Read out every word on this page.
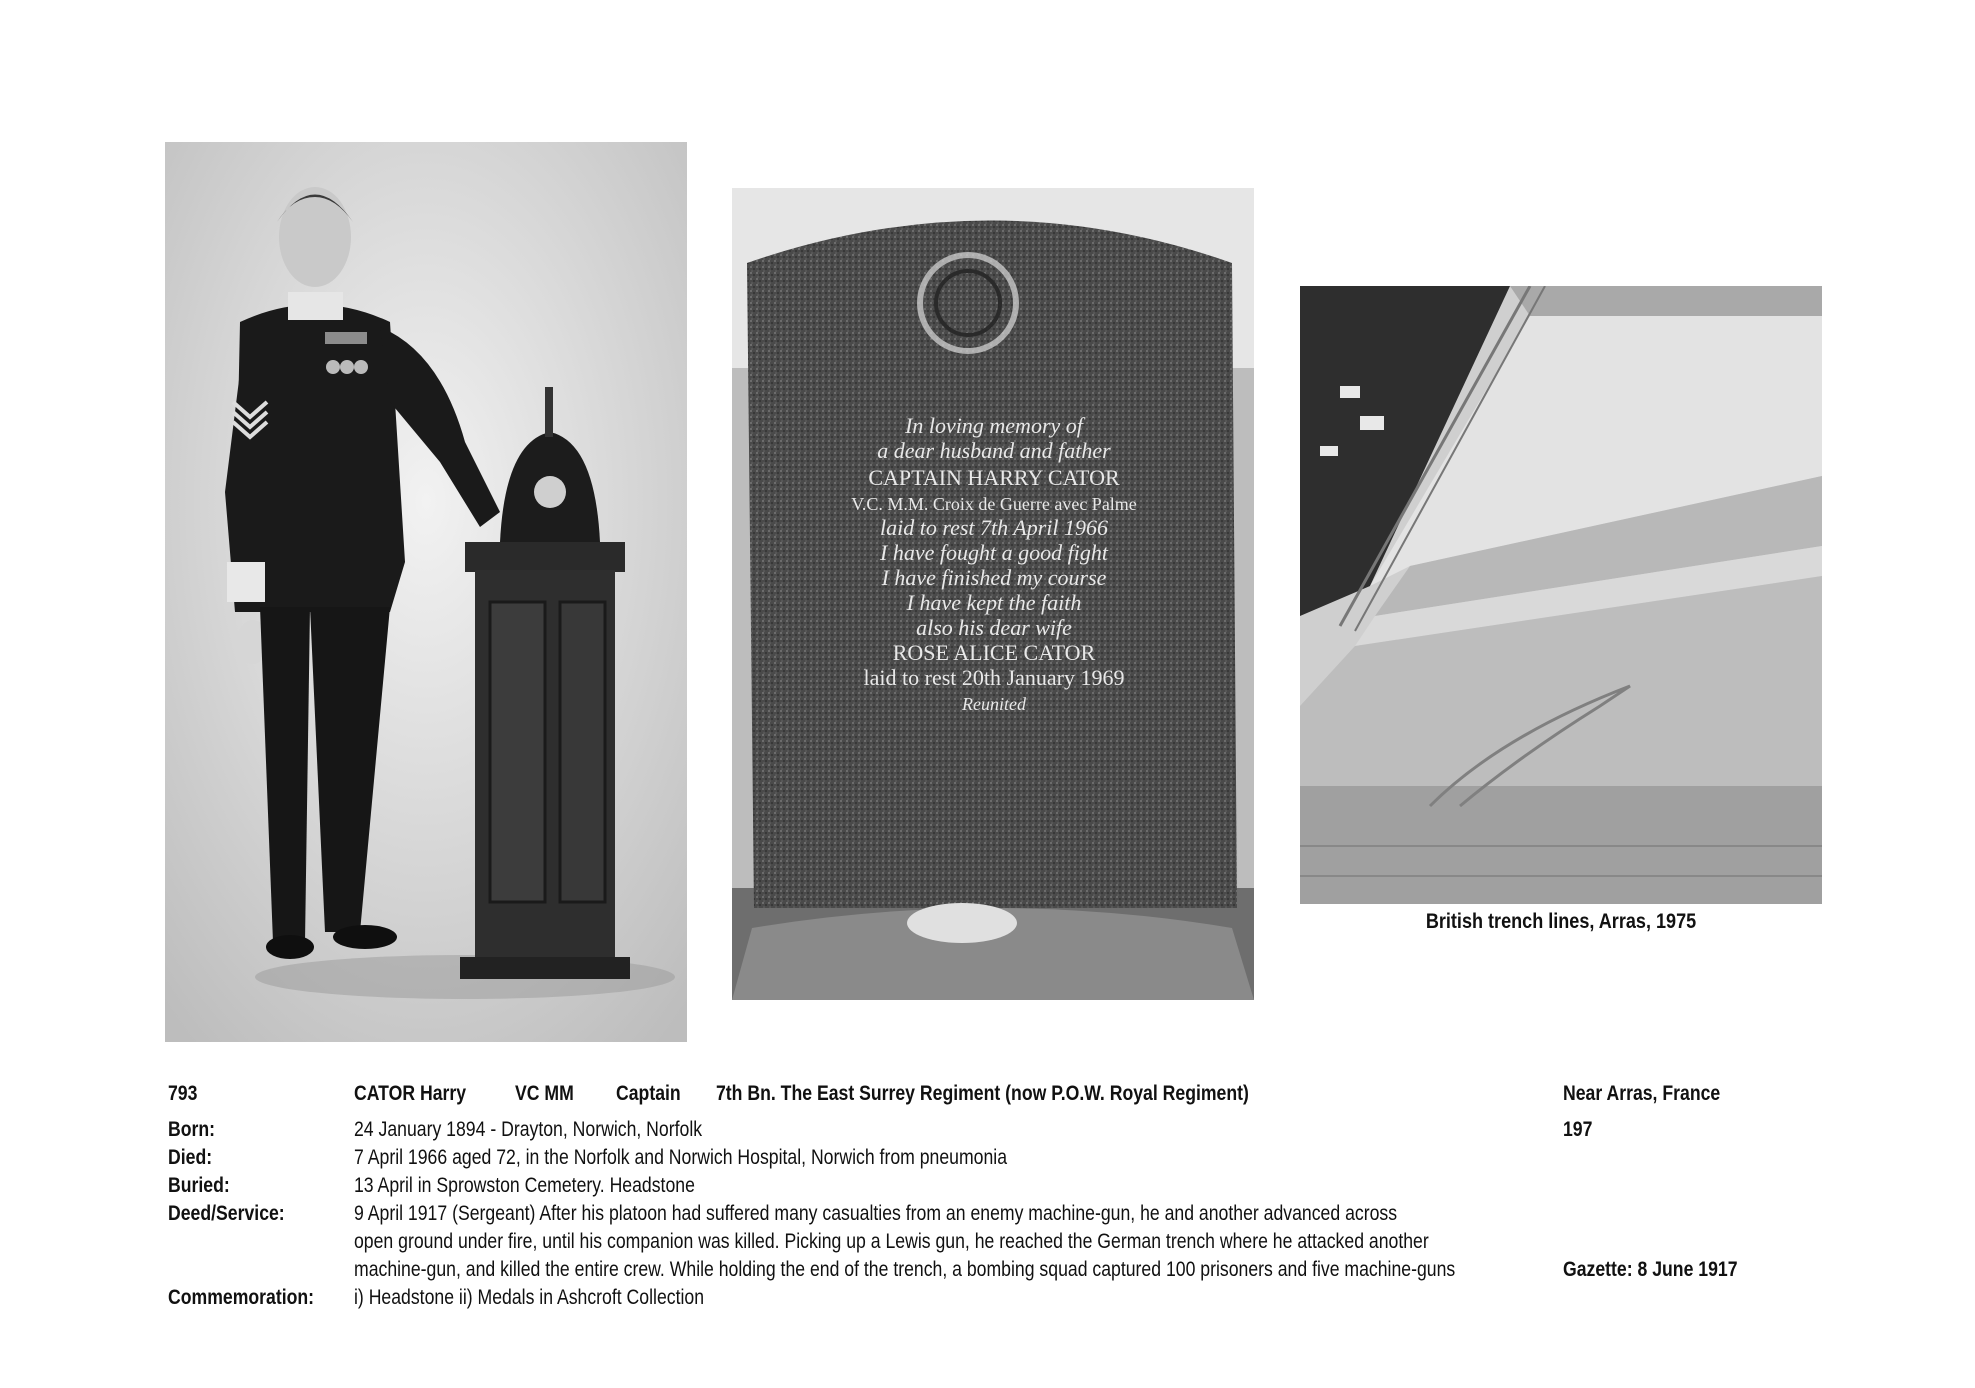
In loving memory of
a dear husband and father
CAPTAIN HARRY CATOR
V.C. M.M. Croix de Guerre avec Palme
laid to rest 7th April 1966
I have fought a good fight
I have finished my course
I have kept the faith
also his dear wife
ROSE ALICE CATOR
laid to rest 20th January 1969
Reunited
British trench lines, Arras, 1975
793	CATOR Harry VC MM Captain 7th Bn. The East Surrey Regiment (now P.O.W. Royal Regiment)	Near Arras, France
Born:	24 January 1894 - Drayton, Norwich, Norfolk	197
Died:	7 April 1966 aged 72, in the Norfolk and Norwich Hospital, Norwich from pneumonia
Buried:	13 April in Sprowston Cemetery. Headstone
Deed/Service:	9 April 1917 (Sergeant) After his platoon had suffered many casualties from an enemy machine-gun, he and another advanced across
open ground under fire, until his companion was killed. Picking up a Lewis gun, he reached the German trench where he attacked another
machine-gun, and killed the entire crew. While holding the end of the trench, a bombing squad captured 100 prisoners and five machine-guns	Gazette: 8 June 1917
Commemoration: i) Headstone ii) Medals in Ashcroft Collection
